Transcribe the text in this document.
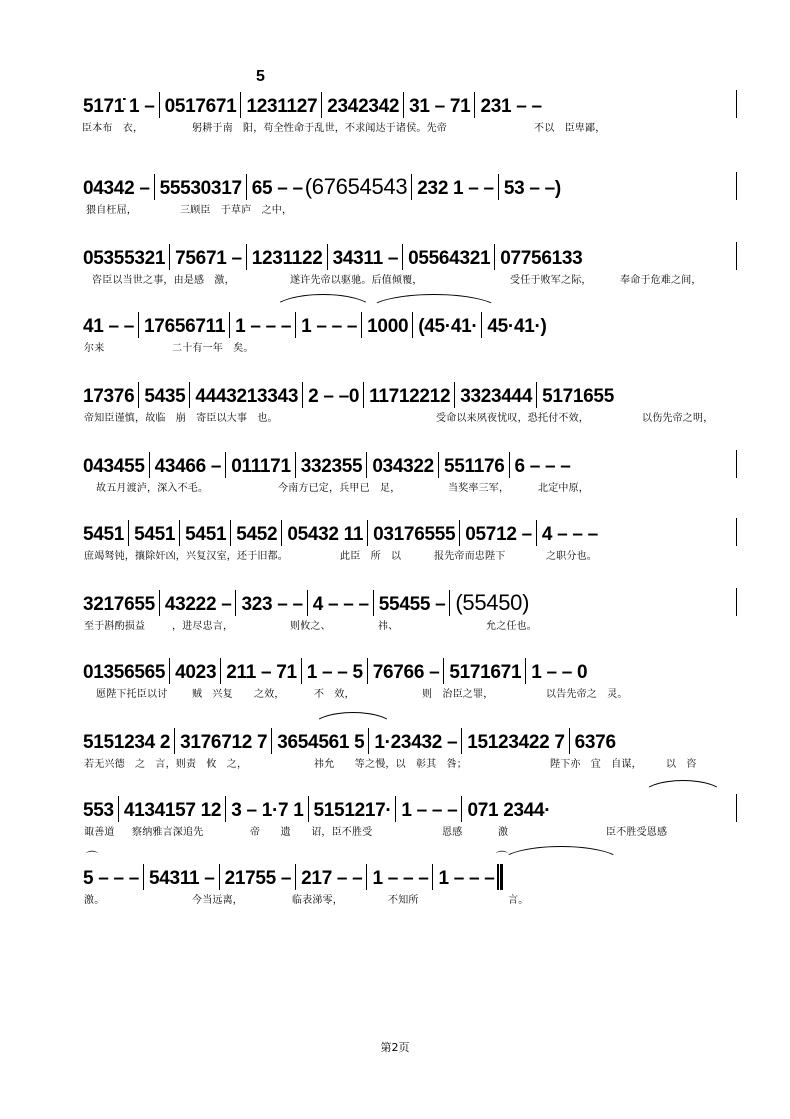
5
5171̇ 1 – 0517671 1231127 2342342 31 – 71 231 – –
臣本布　衣，	躬耕于南　阳，苟全性命于乱世，不求闻达于诸侯。先帝	不以　臣卑鄙，
04342 – 55530317 65 – – (67654543 232 1 – – 53 – –)
猥自枉屈，	三顾臣　于草庐　之中，
05355321 75671 – 1231122 34311 – 05564321 07756133
咨臣以当世之事，由是感　激，	遂许先帝以驱驰。后值倾覆，	受任于败军之际，	奉命于危难之间，
41 – – 17656711 1 – – – 1 – – – 1000 (45·41· 45·41·)
尔来	二十有一年　矣。
17376 5435 4443213343 2 – –0 11712212 3323444 5171655
帝知臣谨慎，故临　崩　寄臣以大事　也。	受命以来夙夜忧叹，恐托付不效，	以伤先帝之明，
043455 43466 – 011171 332355 034322 551176 6 – – –
故五月渡泸，深入不毛。	今南方已定，兵甲已　足，	当奖率三军，	北定中原，
5451 5451 5451 5452 05432 11 03176555 05712 – 4 – – –
庶竭驽钝，攘除奸凶，兴复汉室，还于旧都。	此臣　所　以	报先帝而忠陛下	之职分也。
3217655 43222 – 323 – – 4 – – – 55455 – (55450)
至于斟酌损益	，进尽忠言，	则攸之、	祎、	允之任也。
01356565 4023 211 – 71 1 – – 5 76766 – 5171671 1 – – 0
愿陛下托臣以讨 贼　兴复 之效，	不　效，	则　治臣之罪，	以告先帝之　灵。
5151234 2 3176712 7 3654561 5 1·23432 – 15123422 7 6376
若无兴德　之　言，则责　攸　之，	祎允　　等之慢，以　彰其　咎；	陛下亦　宜　自谋， 以　咨
553 4134157 12 3 – 1·7 1 5151217· 1 – – – 071 2344·
诹善道 察纳雅言深追先	帝　　遗　　诏，臣不胜受	恩感	激	臣不胜受恩感
⌒	⌒
5 – – – 54311 – 21755 – 217 – – 1 – – – 1 – – –
激。	今当远离，	临表涕零，	不知所	言。
第2页
